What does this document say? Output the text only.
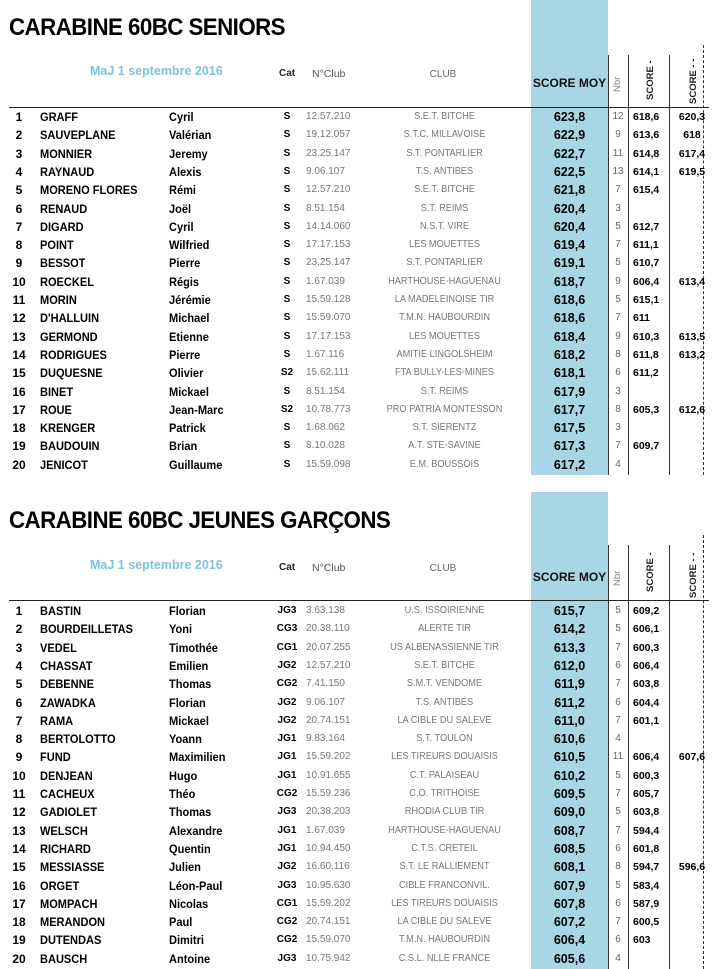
CARABINE 60BC SENIORS
MaJ 1 septembre 2016	Cat N°Club	CLUB
SCORE MOY Nbr SCORE -	SCORE - -
1	GRAFF	Cyril	S	12.57.210	S.E.T. BITCHE	623,8	12 618,6	620,3
2	SAUVEPLANE	Valérian	S	19.12.057	S.T.C. MILLAVOISE	622,9	9	613,6	618
3	MONNIER	Jeremy	S	23.25.147	S.T. PONTARLIER	622,7	11 614,8	617,4
4	RAYNAUD	Alexis	S	9.06.107	T.S. ANTIBES	622,5	13 614,1	619,5
5	MORENO FLORES	Rémi	S	12.57.210	S.E.T. BITCHE	621,8	7	615,4
6	RENAUD	Joël	S	8.51.154	S.T. REIMS	620,4	3
7	DIGARD	Cyril	S	14.14.060	N.S.T. VIRE	620,4	5	612,7
8	POINT	Wilfried	S	17.17.153	LES MOUETTES	619,4	7	611,1
9	BESSOT	Pierre	S	23.25.147	S.T. PONTARLIER	619,1	5	610,7
10 ROECKEL	Régis	S	1.67.039	HARTHOUSE-HAGUENAU	618,7	9	606,4	613,4
11	MORIN	Jérémie	S	15.59.128	LA MADELEINOISE TIR	618,6	5	615,1
12 D'HALLUIN	Michael	S	15.59.070	T.M.N. HAUBOURDIN	618,6	7	611
13 GERMOND	Etienne	S	17.17.153	LES MOUETTES	618,4	9	610,3	613,5
14 RODRIGUES	Pierre	S	1.67.116	AMITIE LINGOLSHEIM	618,2	8	611,8	613,2
15 DUQUESNE	Olivier	S2	15.62.111	FTA BULLY-LES-MINES	618,1	6	611,2
16 BINET	Mickael	S	8.51.154	S.T. REIMS	617,9	3
17 ROUE	Jean-Marc	S2	10.78.773	PRO PATRIA MONTESSON	617,7	8	605,3	612,6
18 KRENGER	Patrick	S	1.68.062	S.T. SIERENTZ	617,5	3
19 BAUDOUIN	Brian	S	8.10.028	A.T. STE-SAVINE	617,3	7	609,7
20 JENICOT	Guillaume	S	15.59.098	E.M. BOUSSOIS	617,2	4
CARABINE 60BC JEUNES GARÇONS
MaJ 1 septembre 2016	Cat N°Club	CLUB
SCORE MOY Nbr SCORE -	SCORE - -
1	BASTIN	Florian	JG3 3.63.138	U.S. ISSOIRIENNE	615,7	5	609,2
2	BOURDEILLETAS	Yoni	CG3 20.38.110	ALERTE TIR	614,2	5	606,1
3	VEDEL	Timothée	CG1 20.07.255	US ALBENASSIENNE TIR	613,3	7	600,3
4	CHASSAT	Emilien	JG2 12.57.210	S.E.T. BITCHE	612,0	6	606,4
5	DEBENNE	Thomas	CG2 7.41.150	S.M.T. VENDOME	611,9	7	603,8
6	ZAWADKA	Florian	JG2 9.06.107	T.S. ANTIBES	611,2	6	604,4
7	RAMA	Mickael	JG2 20.74.151	LA CIBLE DU SALEVE	611,0	7	601,1
8	BERTOLOTTO	Yoann	JG1 9.83.164	S.T. TOULON	610,6	4
9	FUND	Maximilien	JG1 15.59.202	LES TIREURS DOUAISIS	610,5	11 606,4	607,6
10 DENJEAN	Hugo	JG1 10.91.655	C.T. PALAISEAU	610,2	5	600,3
11	CACHEUX	Théo	CG2 15.59.236	C.O. TRITHOISE	609,5	7	605,7
12 GADIOLET	Thomas	JG3 20.38.203	RHODIA CLUB TIR	609,0	5	603,8
13 WELSCH	Alexandre	JG1 1.67.039	HARTHOUSE-HAGUENAU	608,7	7	594,4
14 RICHARD	Quentin	JG1 10.94.450	C.T.S. CRETEIL	608,5	6	601,8
15 MESSIASSE	Julien	JG2 16.60.116	S.T. LE RALLIEMENT	608,1	8	594,7	596,6
16 ORGET	Léon-Paul	JG3 10.95.630	CIBLE FRANCONVIL.	607,9	5	583,4
17 MOMPACH	Nicolas	CG1 15.59.202	LES TIREURS DOUAISIS	607,8	6	587,9
18 MERANDON	Paul	CG2 20.74.151	LA CIBLE DU SALEVE	607,2	7	600,5
19 DUTENDAS	Dimitri	CG2 15.59.070	T.M.N. HAUBOURDIN	606,4	6	603
20 BAUSCH	Antoine	JG3 10.75.942	C.S.L. NLLE FRANCE	605,6	4
